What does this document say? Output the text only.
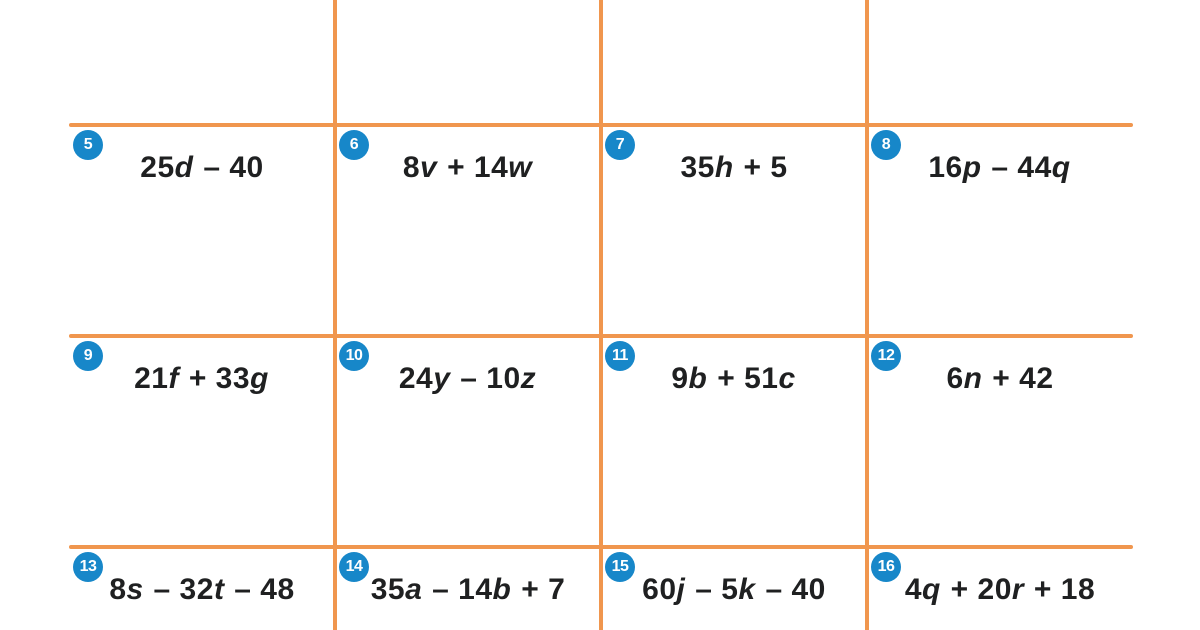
5
25d – 40
6
8v + 14w
7
35h + 5
8
16p – 44q
9
21f + 33g
10
24y – 10z
11
9b + 51c
12
6n + 42
13
8s – 32t – 48
14
35a – 14b + 7
15
60j – 5k – 40
16
4q + 20r + 18
